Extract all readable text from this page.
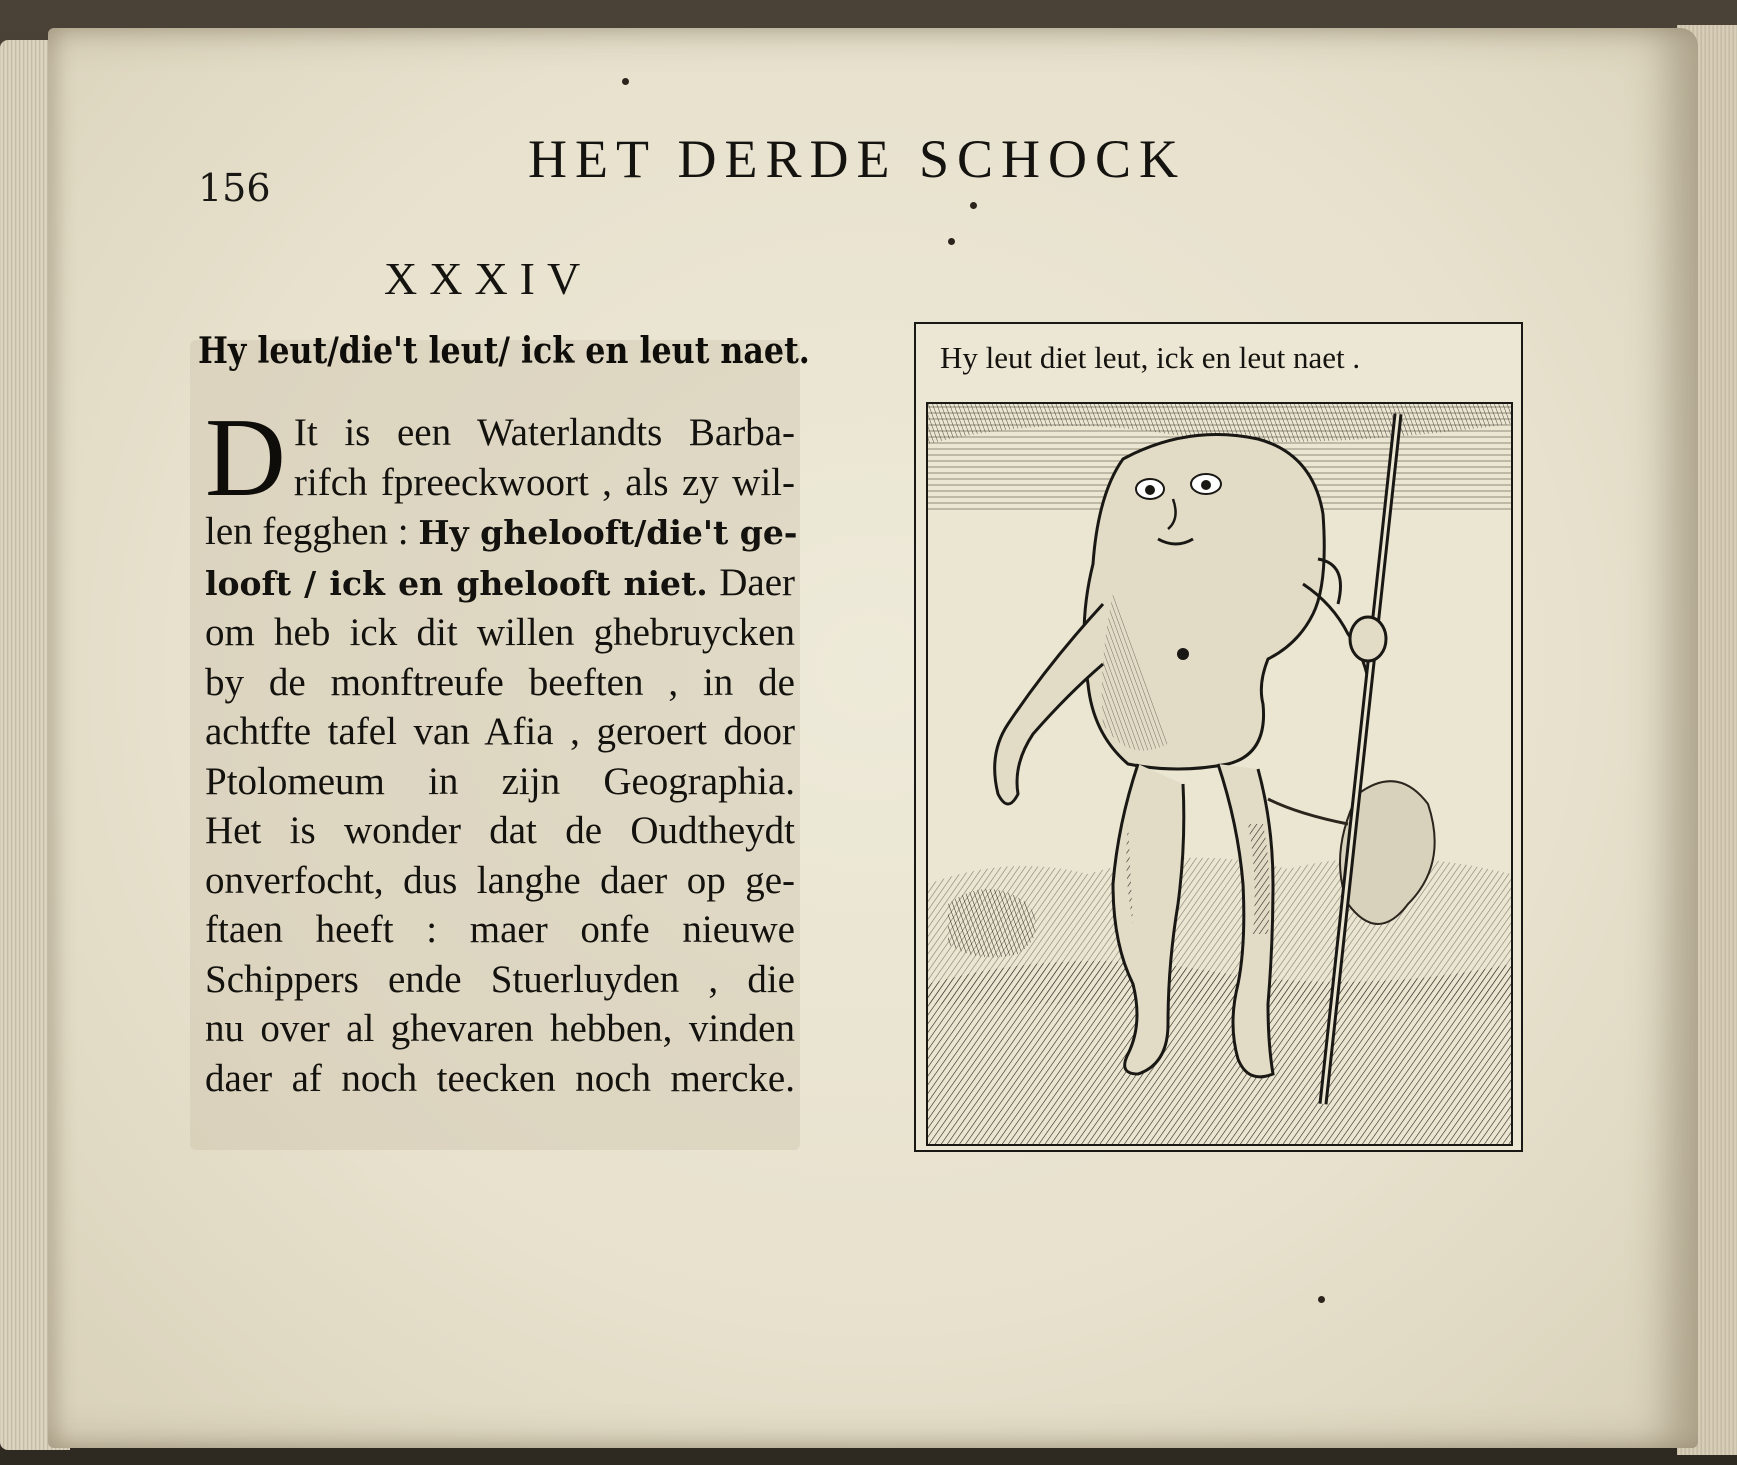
156	HET DERDE SCHOCK
XXXIV
Hy leut/die't leut/ ick en leut naet.
D It is een Waterlandts Barba-
rifch fpreeckwoort , als zy wil-
len fegghen : Hy ghelooft/die't ge-
looft / ick en ghelooft niet. Daer
om heb ick dit willen ghebruycken
by de monftreufe beeften , in de
achtfte tafel van Afia , geroert door
Ptolomeum in zijn Geographia.
Het is wonder dat de Oudtheydt
onverfocht, dus langhe daer op ge-
ftaen heeft : maer onfe nieuwe
Schippers ende Stuerluyden , die
nu over al ghevaren hebben, vinden
daer af noch teecken noch mercke.
Hy leut diet leut, ick en leut naet .
